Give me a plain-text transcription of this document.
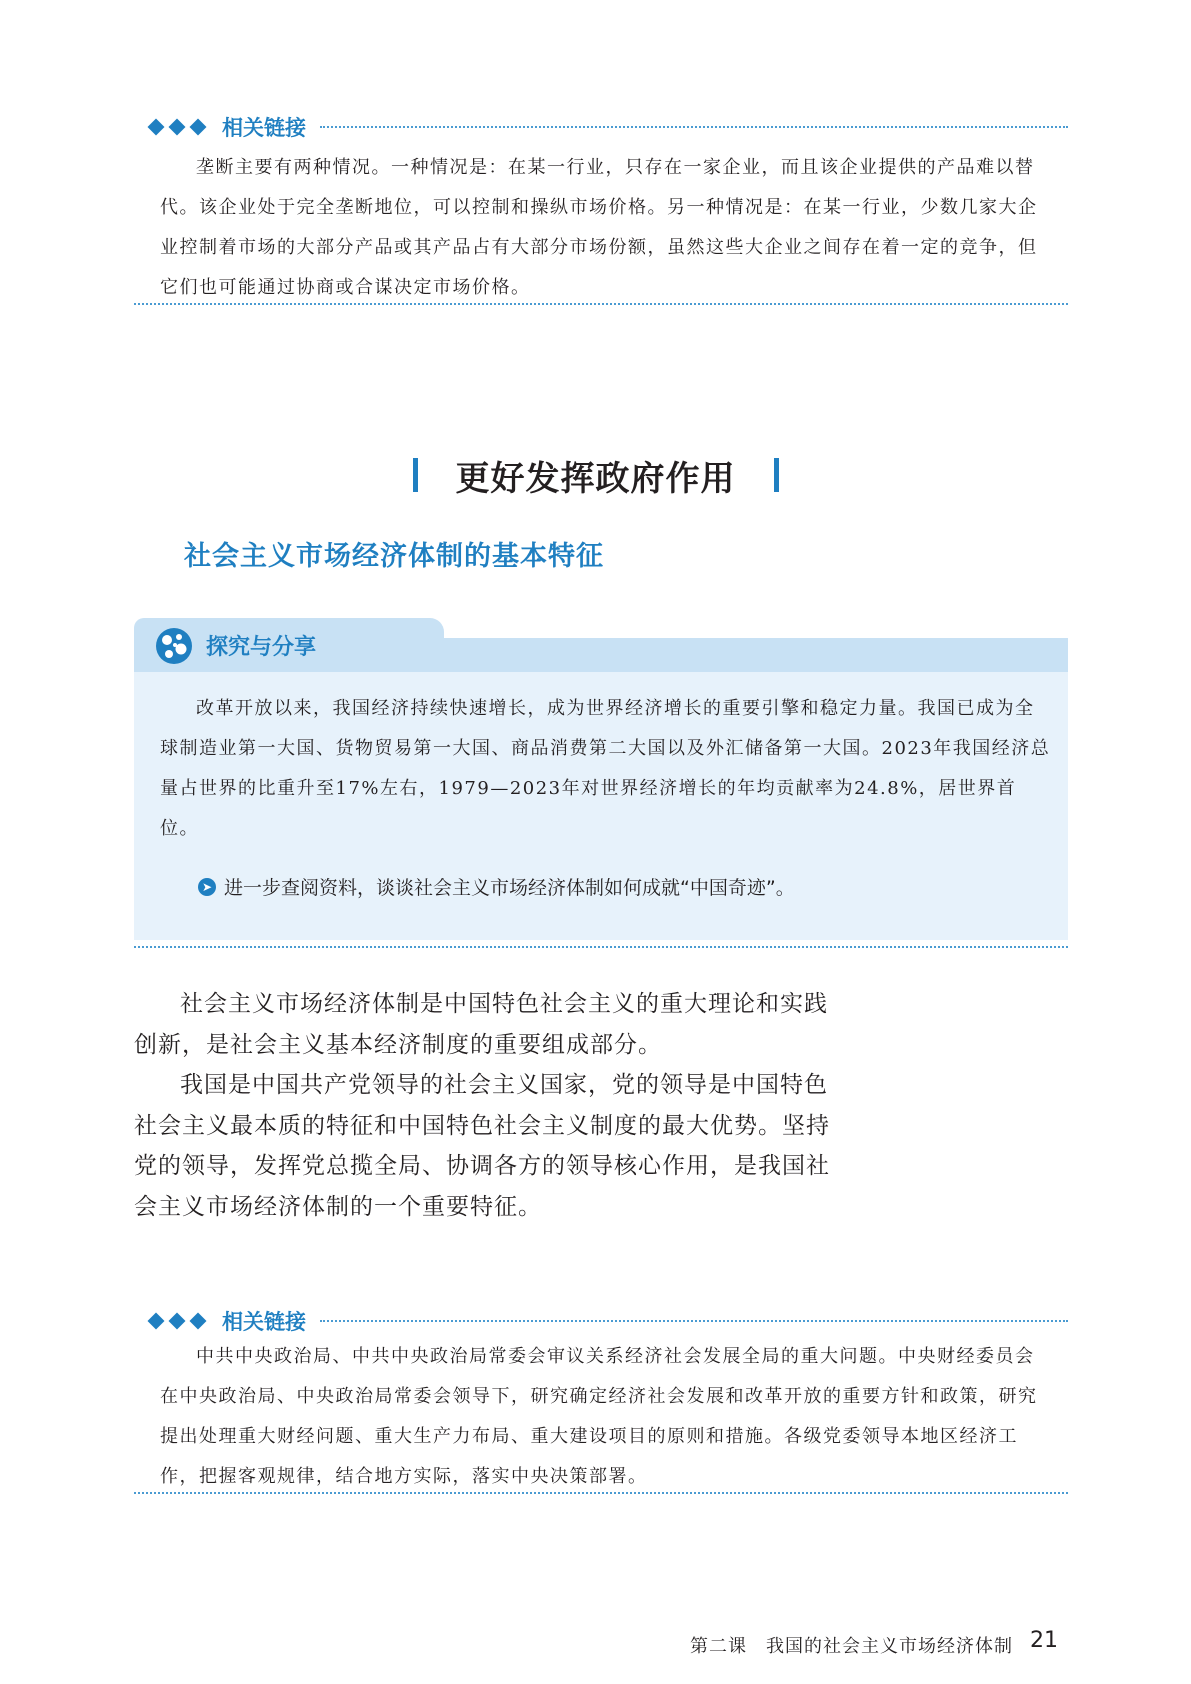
相关链接

垄断主要有两种情况。一种情况是：在某一行业，只存在一家企业，而且该企业提供的产品难以替代。该企业处于完全垄断地位，可以控制和操纵市场价格。另一种情况是：在某一行业，少数几家大企业控制着市场的大部分产品或其产品占有大部分市场份额，虽然这些大企业之间存在着一定的竞争，但它们也可能通过协商或合谋决定市场价格。

更好发挥政府作用
社会主义市场经济体制的基本特征
探究与分享

改革开放以来，我国经济持续快速增长，成为世界经济增长的重要引擎和稳定力量。我国已成为全球制造业第一大国、货物贸易第一大国、商品消费第二大国以及外汇储备第一大国。2023年我国经济总量占世界的比重升至17%左右，1979—2023年对世界经济增长的年均贡献率为24.8%，居世界首位。

➤ 进一步查阅资料，谈谈社会主义市场经济体制如何成就“中国奇迹”。

社会主义市场经济体制是中国特色社会主义的重大理论和实践创新，是社会主义基本经济制度的重要组成部分。

我国是中国共产党领导的社会主义国家，党的领导是中国特色社会主义最本质的特征和中国特色社会主义制度的最大优势。坚持党的领导，发挥党总揽全局、协调各方的领导核心作用，是我国社会主义市场经济体制的一个重要特征。

相关链接

中共中央政治局、中共中央政治局常委会审议关系经济社会发展全局的重大问题。中央财经委员会在中央政治局、中央政治局常委会领导下，研究确定经济社会发展和改革开放的重要方针和政策，研究提出处理重大财经问题、重大生产力布局、重大建设项目的原则和措施。各级党委领导本地区经济工作，把握客观规律，结合地方实际，落实中央决策部署。

第二课　我国的社会主义市场经济体制 21
